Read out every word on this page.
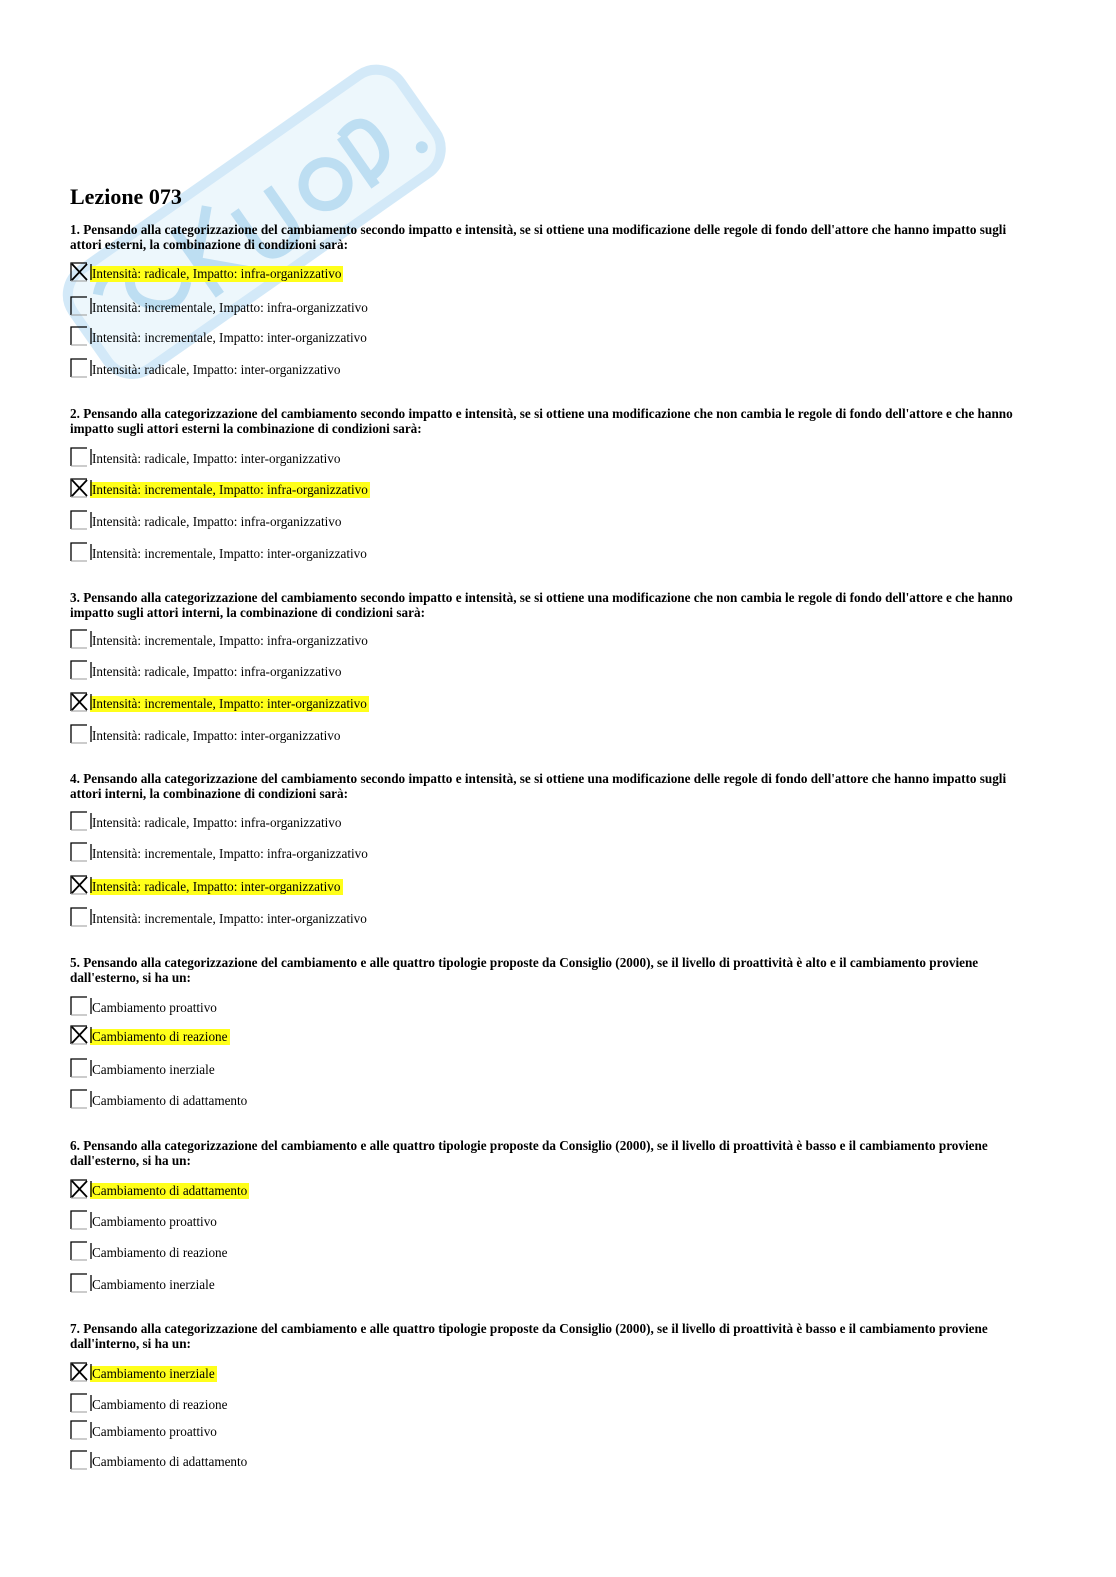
Lezione 073

1. Pensando alla categorizzazione del cambiamento secondo impatto e intensità, se si ottiene una modificazione delle regole di fondo dell'attore che hanno impatto sugli attori esterni, la combinazione di condizioni sarà:

Intensità: radicale, Impatto: infra-organizzativo
Intensità: incrementale, Impatto: infra-organizzativo
Intensità: incrementale, Impatto: inter-organizzativo
Intensità: radicale, Impatto: inter-organizzativo

2. Pensando alla categorizzazione del cambiamento secondo impatto e intensità, se si ottiene una modificazione che non cambia le regole di fondo dell'attore e che hanno impatto sugli attori esterni la combinazione di condizioni sarà:

Intensità: radicale, Impatto: inter-organizzativo
Intensità: incrementale, Impatto: infra-organizzativo
Intensità: radicale, Impatto: infra-organizzativo
Intensità: incrementale, Impatto: inter-organizzativo

3. Pensando alla categorizzazione del cambiamento secondo impatto e intensità, se si ottiene una modificazione che non cambia le regole di fondo dell'attore e che hanno impatto sugli attori interni, la combinazione di condizioni sarà:

Intensità: incrementale, Impatto: infra-organizzativo
Intensità: radicale, Impatto: infra-organizzativo
Intensità: incrementale, Impatto: inter-organizzativo
Intensità: radicale, Impatto: inter-organizzativo

4. Pensando alla categorizzazione del cambiamento secondo impatto e intensità, se si ottiene una modificazione delle regole di fondo dell'attore che hanno impatto sugli attori interni, la combinazione di condizioni sarà:

Intensità: radicale, Impatto: infra-organizzativo
Intensità: incrementale, Impatto: infra-organizzativo
Intensità: radicale, Impatto: inter-organizzativo
Intensità: incrementale, Impatto: inter-organizzativo

5. Pensando alla categorizzazione del cambiamento e alle quattro tipologie proposte da Consiglio (2000), se il livello di proattività è alto e il cambiamento proviene dall'esterno, si ha un:

Cambiamento proattivo
Cambiamento di reazione
Cambiamento inerziale
Cambiamento di adattamento

6. Pensando alla categorizzazione del cambiamento e alle quattro tipologie proposte da Consiglio (2000), se il livello di proattività è basso e il cambiamento proviene dall'esterno, si ha un:

Cambiamento di adattamento
Cambiamento proattivo
Cambiamento di reazione
Cambiamento inerziale

7. Pensando alla categorizzazione del cambiamento e alle quattro tipologie proposte da Consiglio (2000), se il livello di proattività è basso e il cambiamento proviene dall'interno, si ha un:

Cambiamento inerziale
Cambiamento di reazione
Cambiamento proattivo
Cambiamento di adattamento
